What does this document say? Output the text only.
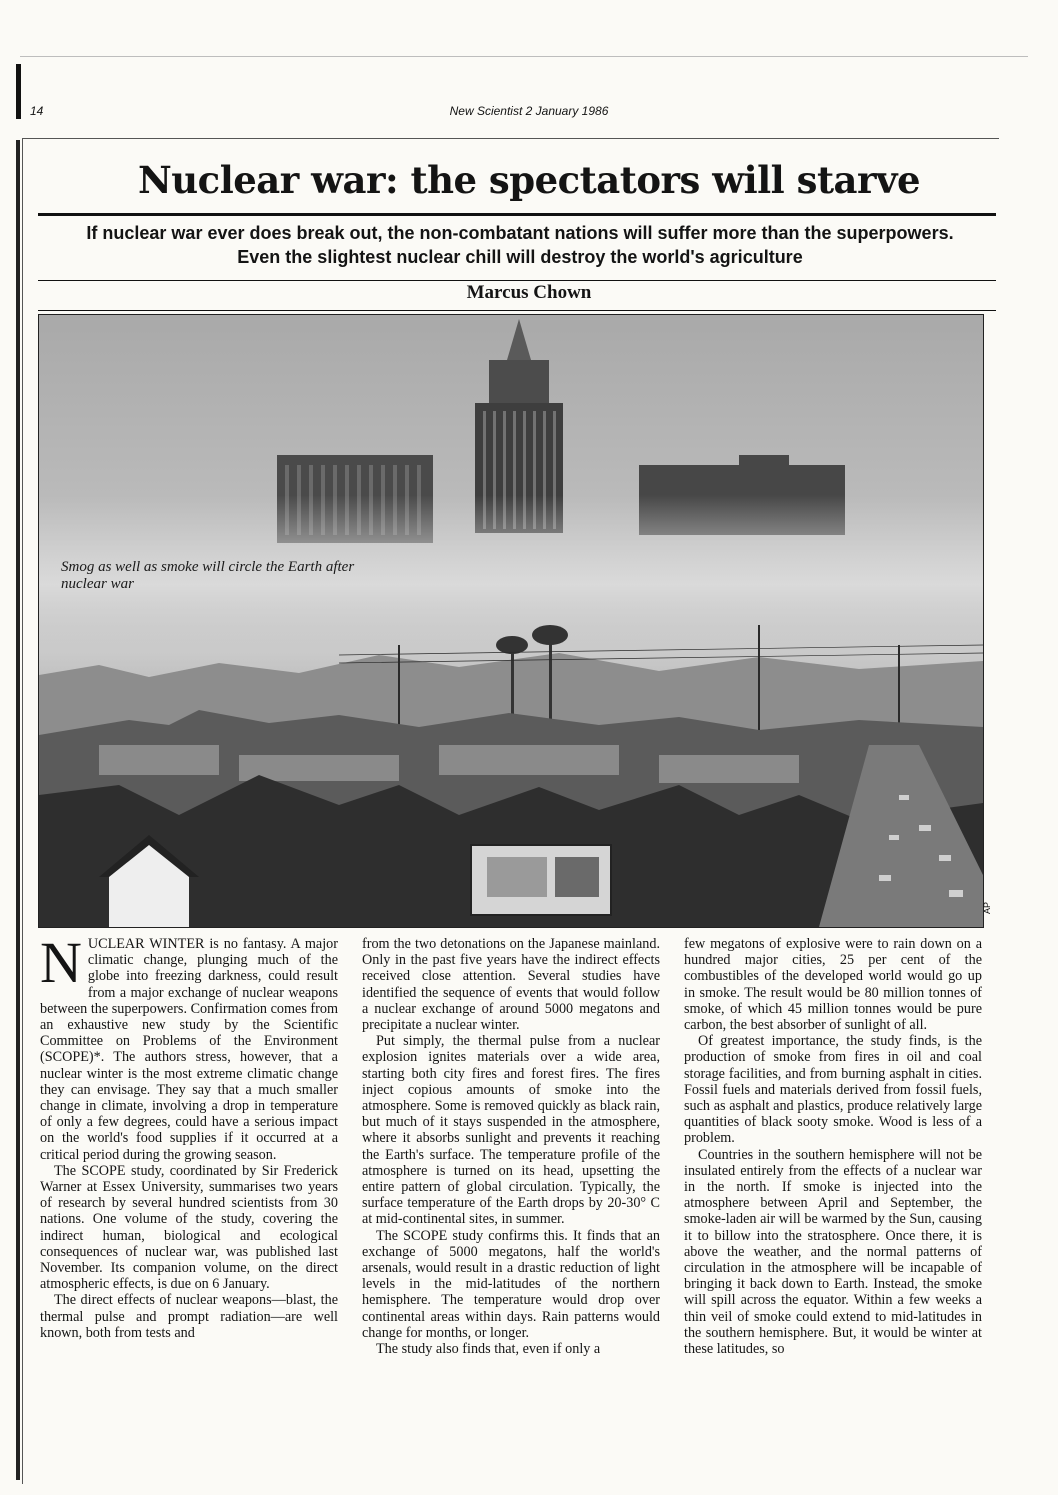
14	New Scientist 2 January 1986
Nuclear war: the spectators will starve

If nuclear war ever does break out, the non-combatant nations will suffer more than the superpowers. Even the slightest nuclear chill will destroy the world's agriculture

Marcus Chown

Smog as well as smoke will circle the Earth after nuclear war

AP

NUCLEAR WINTER is no fantasy. A major climatic change, plunging much of the globe into freezing darkness, could result from a major exchange of nuclear weapons between the superpowers. Confirmation comes from an exhaustive new study by the Scientific Committee on Problems of the Environment (SCOPE)*. The authors stress, however, that a nuclear winter is the most extreme climatic change they can envisage. They say that a much smaller change in climate, involving a drop in temperature of only a few degrees, could have a serious impact on the world's food supplies if it occurred at a critical period during the growing season.

The SCOPE study, coordinated by Sir Frederick Warner at Essex University, summarises two years of research by several hundred scientists from 30 nations. One volume of the study, covering the indirect human, biological and ecological consequences of nuclear war, was published last November. Its companion volume, on the direct atmospheric effects, is due on 6 January.

The direct effects of nuclear weapons—blast, the thermal pulse and prompt radiation—are well known, both from tests and

from the two detonations on the Japanese mainland. Only in the past five years have the indirect effects received close attention. Several studies have identified the sequence of events that would follow a nuclear exchange of around 5000 megatons and precipitate a nuclear winter.

Put simply, the thermal pulse from a nuclear explosion ignites materials over a wide area, starting both city fires and forest fires. The fires inject copious amounts of smoke into the atmosphere. Some is removed quickly as black rain, but much of it stays suspended in the atmosphere, where it absorbs sunlight and prevents it reaching the Earth's surface. The temperature profile of the atmosphere is turned on its head, upsetting the entire pattern of global circulation. Typically, the surface temperature of the Earth drops by 20-30° C at mid-continental sites, in summer.

The SCOPE study confirms this. It finds that an exchange of 5000 megatons, half the world's arsenals, would result in a drastic reduction of light levels in the mid-latitudes of the northern hemisphere. The temperature would drop over continental areas within days. Rain patterns would change for months, or longer.

The study also finds that, even if only a

few megatons of explosive were to rain down on a hundred major cities, 25 per cent of the combustibles of the developed world would go up in smoke. The result would be 80 million tonnes of smoke, of which 45 million tonnes would be pure carbon, the best absorber of sunlight of all.

Of greatest importance, the study finds, is the production of smoke from fires in oil and coal storage facilities, and from burning asphalt in cities. Fossil fuels and materials derived from fossil fuels, such as asphalt and plastics, produce relatively large quantities of black sooty smoke. Wood is less of a problem.

Countries in the southern hemisphere will not be insulated entirely from the effects of a nuclear war in the north. If smoke is injected into the atmosphere between April and September, the smoke-laden air will be warmed by the Sun, causing it to billow into the stratosphere. Once there, it is above the weather, and the normal patterns of circulation in the atmosphere will be incapable of bringing it back down to Earth. Instead, the smoke will spill across the equator. Within a few weeks a thin veil of smoke could extend to mid-latitudes in the southern hemisphere. But, it would be winter at these latitudes, so
